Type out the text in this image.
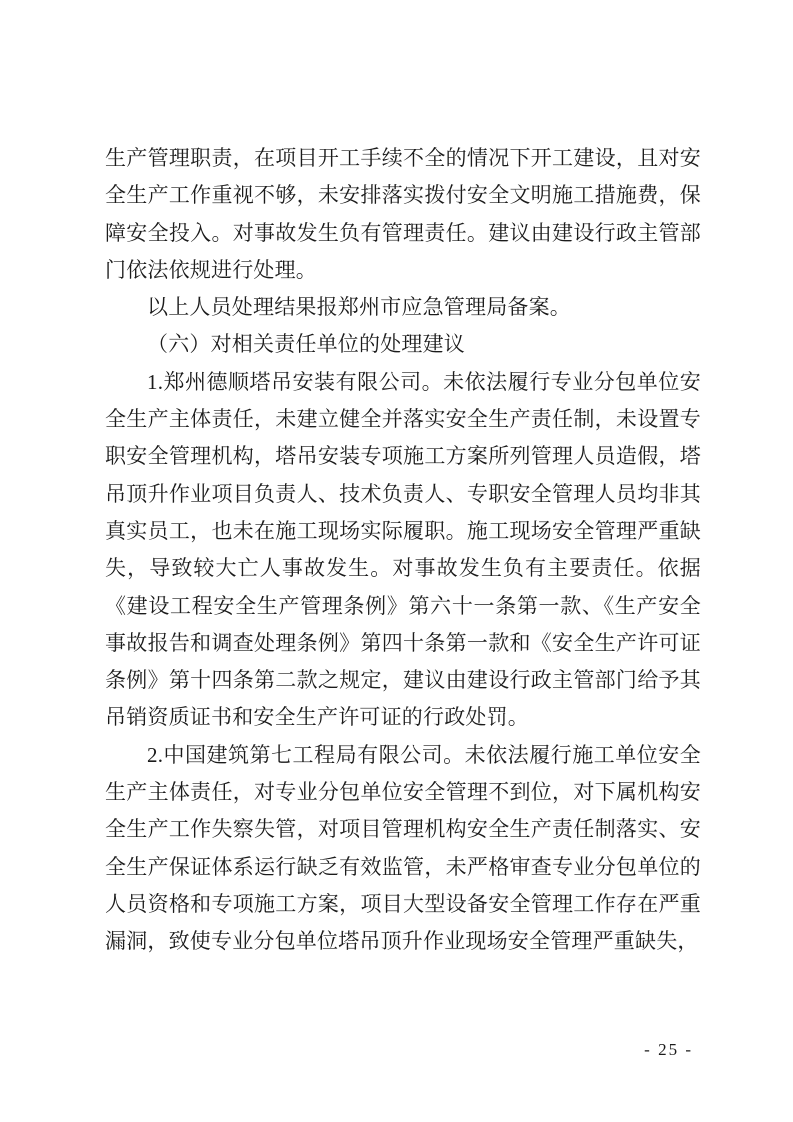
生产管理职责，在项目开工手续不全的情况下开工建设，且对安全生产工作重视不够，未安排落实拨付安全文明施工措施费，保障安全投入。对事故发生负有管理责任。建议由建设行政主管部门依法依规进行处理。

以上人员处理结果报郑州市应急管理局备案。

（六）对相关责任单位的处理建议

1.郑州德顺塔吊安装有限公司。未依法履行专业分包单位安全生产主体责任，未建立健全并落实安全生产责任制，未设置专职安全管理机构，塔吊安装专项施工方案所列管理人员造假，塔吊顶升作业项目负责人、技术负责人、专职安全管理人员均非其真实员工，也未在施工现场实际履职。施工现场安全管理严重缺失，导致较大亡人事故发生。对事故发生负有主要责任。依据《建设工程安全生产管理条例》第六十一条第一款、《生产安全事故报告和调查处理条例》第四十条第一款和《安全生产许可证条例》第十四条第二款之规定，建议由建设行政主管部门给予其吊销资质证书和安全生产许可证的行政处罚。

2.中国建筑第七工程局有限公司。未依法履行施工单位安全生产主体责任，对专业分包单位安全管理不到位，对下属机构安全生产工作失察失管，对项目管理机构安全生产责任制落实、安全生产保证体系运行缺乏有效监管，未严格审查专业分包单位的人员资格和专项施工方案，项目大型设备安全管理工作存在严重漏洞，致使专业分包单位塔吊顶升作业现场安全管理严重缺失，

- 25 -
